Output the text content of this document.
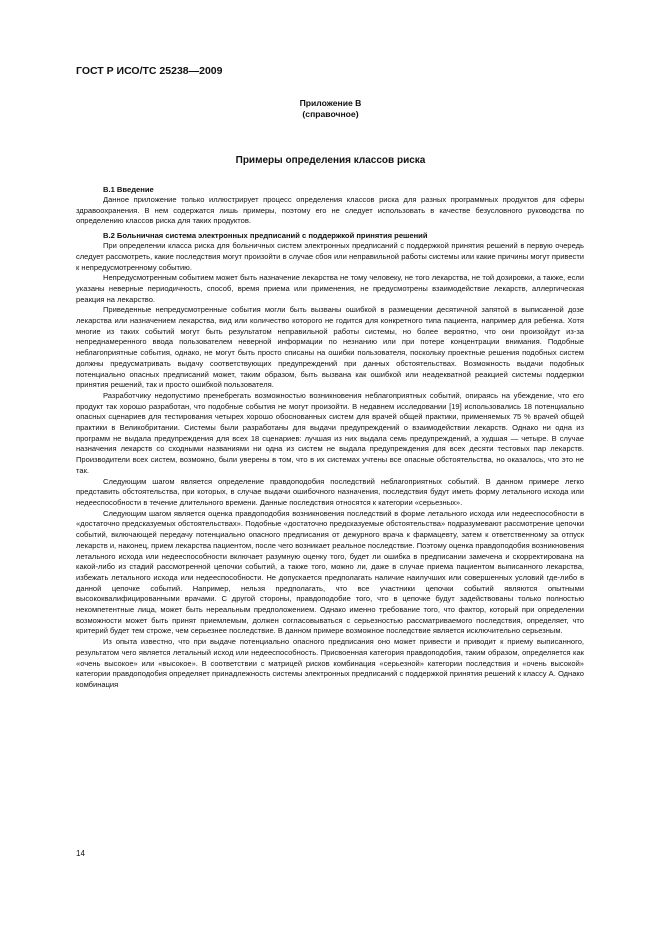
ГОСТ Р ИСО/ТС 25238—2009
Приложение В
(справочное)
Примеры определения классов риска
В.1 Введение

Данное приложение только иллюстрирует процесс определения классов риска для разных программных продуктов для сферы здравоохранения. В нем содержатся лишь примеры, поэтому его не следует использовать в качестве безусловного руководства по определению классов риска для таких продуктов.

В.2 Больничная система электронных предписаний с поддержкой принятия решений

При определении класса риска для больничных систем электронных предписаний с поддержкой принятия решений в первую очередь следует рассмотреть, какие последствия могут произойти в случае сбоя или неправильной работы системы или какие причины могут привести к непредусмотренному событию.

Непредусмотренным событием может быть назначение лекарства не тому человеку, не того лекарства, не той дозировки, а также, если указаны неверные периодичность, способ, время приема или применения, не предусмотрены взаимодействие лекарств, аллергическая реакция на лекарство.

Приведенные непредусмотренные события могли быть вызваны ошибкой в размещении десятичной запятой в выписанной дозе лекарства или назначением лекарства, вид или количество которого не годится для конкретного типа пациента, например для ребенка. Хотя многие из таких событий могут быть результатом неправильной работы системы, но более вероятно, что они произойдут из-за непреднамеренного ввода пользователем неверной информации по незнанию или при потере концентрации внимания. Подобные неблагоприятные события, однако, не могут быть просто списаны на ошибки пользователя, поскольку проектные решения подобных систем должны предусматривать выдачу соответствующих предупреждений при данных обстоятельствах. Возможность выдачи подобных потенциально опасных предписаний может, таким образом, быть вызвана как ошибкой или неадекватной реакцией системы поддержки принятия решений, так и просто ошибкой пользователя.

Разработчику недопустимо пренебрегать возможностью возникновения неблагоприятных событий, опираясь на убеждение, что его продукт так хорошо разработан, что подобные события не могут произойти. В недавнем исследовании [19] использовались 18 потенциально опасных сценариев для тестирования четырех хорошо обоснованных систем для врачей общей практики, применяемых 75 % врачей общей практики в Великобритании. Системы были разработаны для выдачи предупреждений о взаимодействии лекарств. Однако ни одна из программ не выдала предупреждения для всех 18 сценариев: лучшая из них выдала семь предупреждений, а худшая — четыре. В случае назначения лекарств со сходными названиями ни одна из систем не выдала предупреждения для всех десяти тестовых пар лекарств. Производители всех систем, возможно, были уверены в том, что в их системах учтены все опасные обстоятельства, но оказалось, что это не так.

Следующим шагом является определение правдоподобия последствий неблагоприятных событий. В данном примере легко представить обстоятельства, при которых, в случае выдачи ошибочного назначения, последствия будут иметь форму летального исхода или недееспособности в течение длительного времени. Данные последствия относятся к категории «серьезных».

Следующим шагом является оценка правдоподобия возникновения последствий в форме летального исхода или недееспособности в «достаточно предсказуемых обстоятельствах». Подобные «достаточно предсказуемые обстоятельства» подразумевают рассмотрение цепочки событий, включающей передачу потенциально опасного предписания от дежурного врача к фармацевту, затем к ответственному за отпуск лекарств и, наконец, прием лекарства пациентом, после чего возникает реальное последствие. Поэтому оценка правдоподобия возникновения летального исхода или недееспособности включает разумную оценку того, будет ли ошибка в предписании замечена и скорректирована на какой-либо из стадий рассмотренной цепочки событий, а также того, можно ли, даже в случае приема пациентом выписанного лекарства, избежать летального исхода или недееспособности. Не допускается предполагать наличие наилучших или совершенных условий где-либо в данной цепочке событий. Например, нельзя предполагать, что все участники цепочки событий являются опытными высококвалифицированными врачами. С другой стороны, правдоподобие того, что в цепочке будут задействованы только полностью некомпетентные лица, может быть нереальным предположением. Однако именно требование того, что фактор, который при определении возможности может быть принят приемлемым, должен согласовываться с серьезностью рассматриваемого последствия, определяет, что критерий будет тем строже, чем серьезнее последствие. В данном примере возможное последствие является исключительно серьезным.

Из опыта известно, что при выдаче потенциально опасного предписания оно может привести и приводит к приему выписанного, результатом чего является летальный исход или недееспособность. Присвоенная категория правдоподобия, таким образом, определяется как «очень высокое» или «высокое». В соответствии с матрицей рисков комбинация «серьезной» категории последствия и «очень высокой» категории правдоподобия определяет принадлежность системы электронных предписаний с поддержкой принятия решений к классу А. Однако комбинация

14
